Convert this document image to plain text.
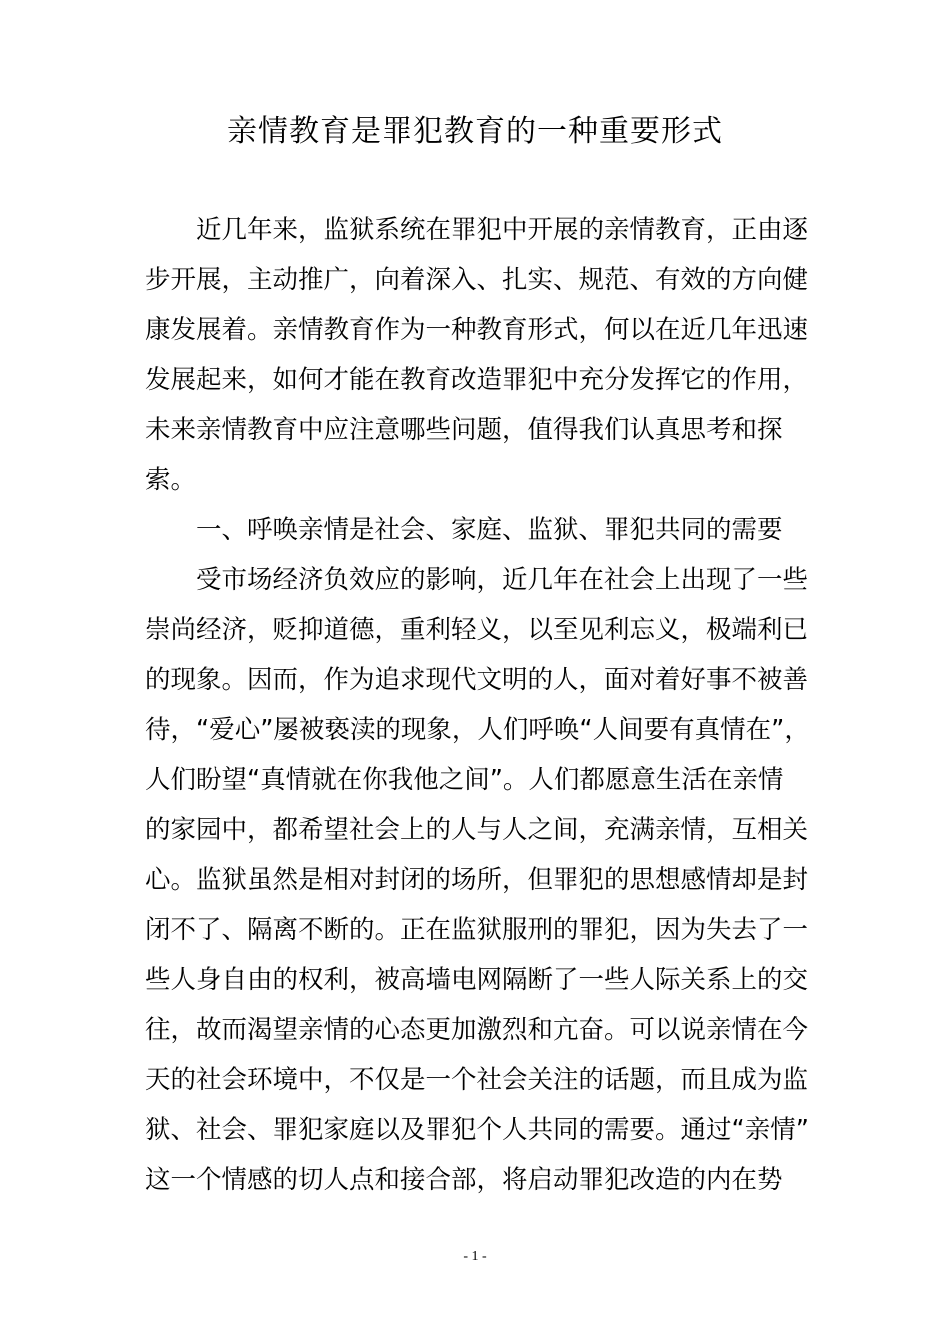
亲情教育是罪犯教育的一种重要形式
近几年来，监狱系统在罪犯中开展的亲情教育，正由逐
步开展，主动推广，向着深入、扎实、规范、有效的方向健
康发展着。亲情教育作为一种教育形式，何以在近几年迅速
发展起来，如何才能在教育改造罪犯中充分发挥它的作用，
未来亲情教育中应注意哪些问题，值得我们认真思考和探
索。
一、呼唤亲情是社会、家庭、监狱、罪犯共同的需要
受市场经济负效应的影响，近几年在社会上出现了一些
崇尚经济，贬抑道德，重利轻义，以至见利忘义，极端利已
的现象。因而，作为追求现代文明的人，面对着好事不被善
待，“爱心”屡被亵渎的现象，人们呼唤“人间要有真情在”，
人们盼望“真情就在你我他之间”。人们都愿意生活在亲情
的家园中，都希望社会上的人与人之间，充满亲情，互相关
心。监狱虽然是相对封闭的场所，但罪犯的思想感情却是封
闭不了、隔离不断的。正在监狱服刑的罪犯，因为失去了一
些人身自由的权利，被高墙电网隔断了一些人际关系上的交
往，故而渴望亲情的心态更加激烈和亢奋。可以说亲情在今
天的社会环境中，不仅是一个社会关注的话题，而且成为监
狱、社会、罪犯家庭以及罪犯个人共同的需要。通过“亲情”
这一个情感的切人点和接合部，将启动罪犯改造的内在势
- 1 -
